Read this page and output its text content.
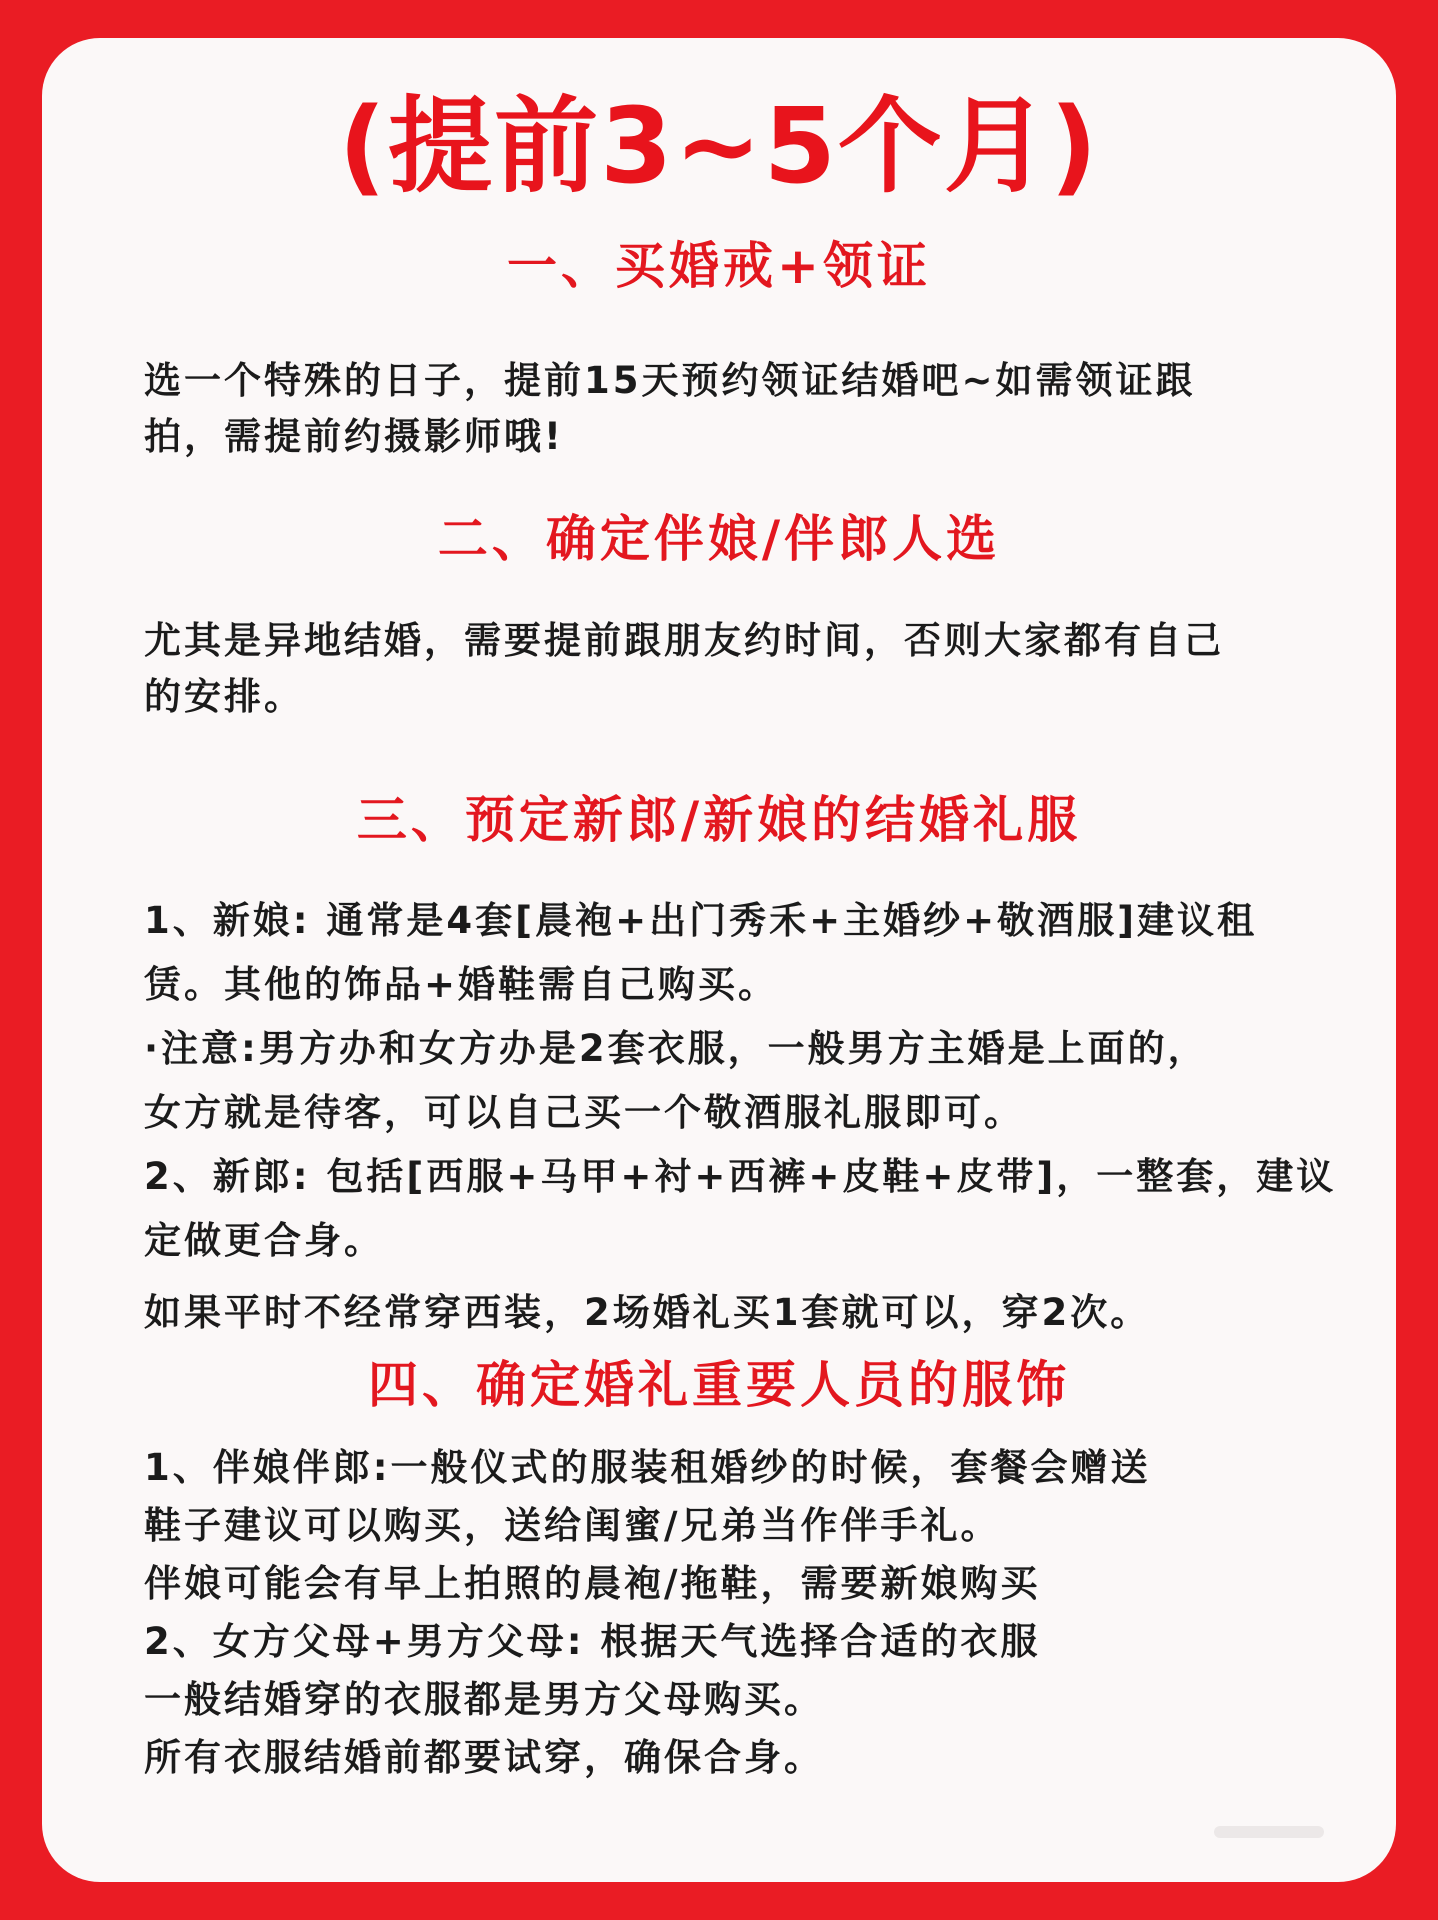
(提前3~5个月)
一、买婚戒+领证
选一个特殊的日子，提前15天预约领证结婚吧~如需领证跟
拍，需提前约摄影师哦!
二、确定伴娘/伴郎人选
尤其是异地结婚，需要提前跟朋友约时间，否则大家都有自己
的安排。
三、预定新郎/新娘的结婚礼服
1、新娘: 通常是4套[晨袍+出门秀禾+主婚纱+敬酒服]建议租
赁。其他的饰品+婚鞋需自己购买。
·注意:男方办和女方办是2套衣服，一般男方主婚是上面的，
女方就是待客，可以自己买一个敬酒服礼服即可。
2、新郎: 包括[西服+马甲+衬+西裤+皮鞋+皮带]，一整套，建议
定做更合身。
如果平时不经常穿西装，2场婚礼买1套就可以，穿2次。
四、确定婚礼重要人员的服饰
1、伴娘伴郎:一般仪式的服装租婚纱的时候，套餐会赠送
鞋子建议可以购买，送给闺蜜/兄弟当作伴手礼。
伴娘可能会有早上拍照的晨袍/拖鞋，需要新娘购买
2、女方父母+男方父母: 根据天气选择合适的衣服
一般结婚穿的衣服都是男方父母购买。
所有衣服结婚前都要试穿，确保合身。
